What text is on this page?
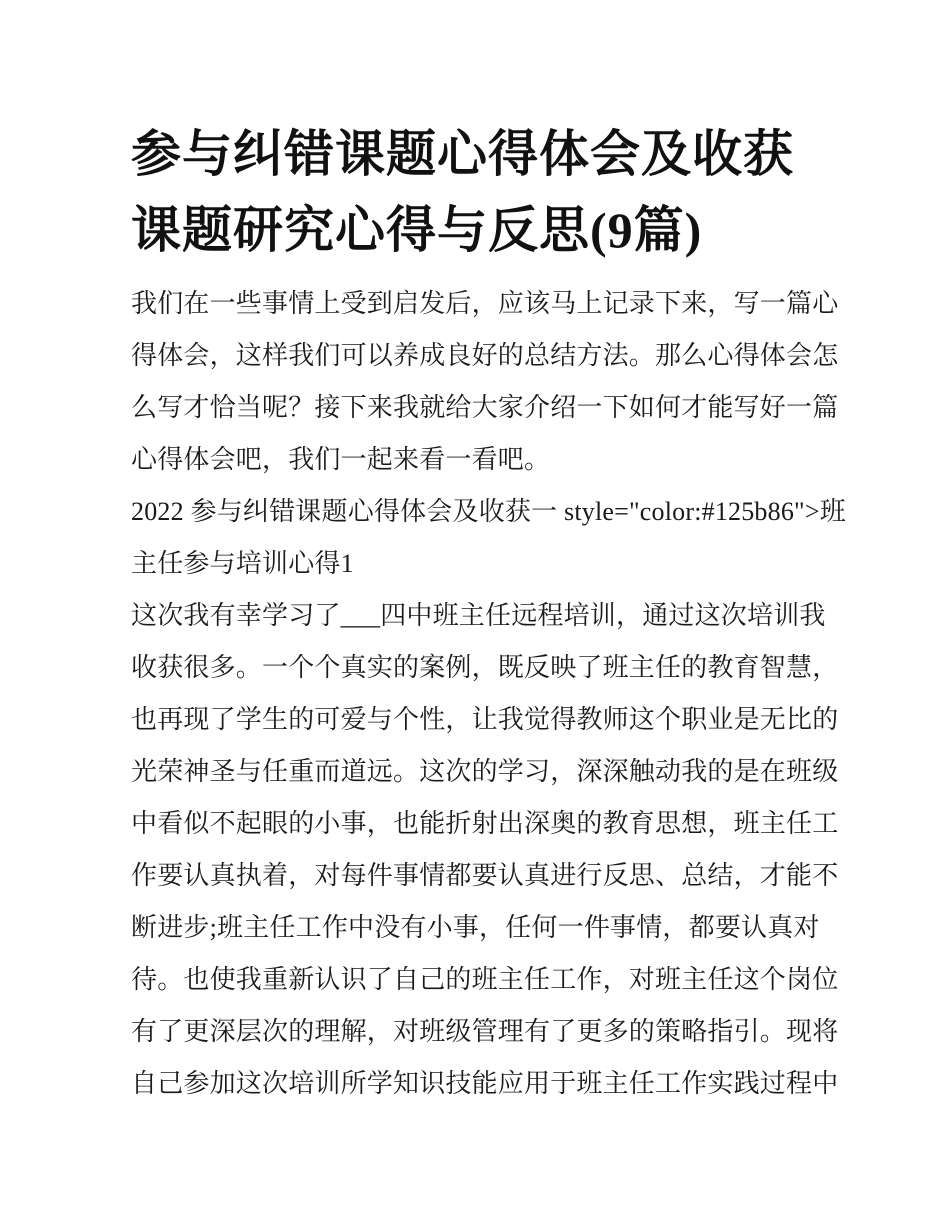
参与纠错课题心得体会及收获
课题研究心得与反思(9篇)

我们在一些事情上受到启发后，应该马上记录下来，写一篇心
得体会，这样我们可以养成良好的总结方法。那么心得体会怎
么写才恰当呢？接下来我就给大家介绍一下如何才能写好一篇
心得体会吧，我们一起来看一看吧。

2022 参与纠错课题心得体会及收获一 style="color:#125b86">班
主任参与培训心得1

这次我有幸学习了___四中班主任远程培训，通过这次培训我
收获很多。一个个真实的案例，既反映了班主任的教育智慧，
也再现了学生的可爱与个性，让我觉得教师这个职业是无比的
光荣神圣与任重而道远。这次的学习，深深触动我的是在班级
中看似不起眼的小事，也能折射出深奥的教育思想，班主任工
作要认真执着，对每件事情都要认真进行反思、总结，才能不
断进步;班主任工作中没有小事，任何一件事情，都要认真对
待。也使我重新认识了自己的班主任工作，对班主任这个岗位
有了更深层次的理解，对班级管理有了更多的策略指引。现将
自己参加这次培训所学知识技能应用于班主任工作实践过程中
